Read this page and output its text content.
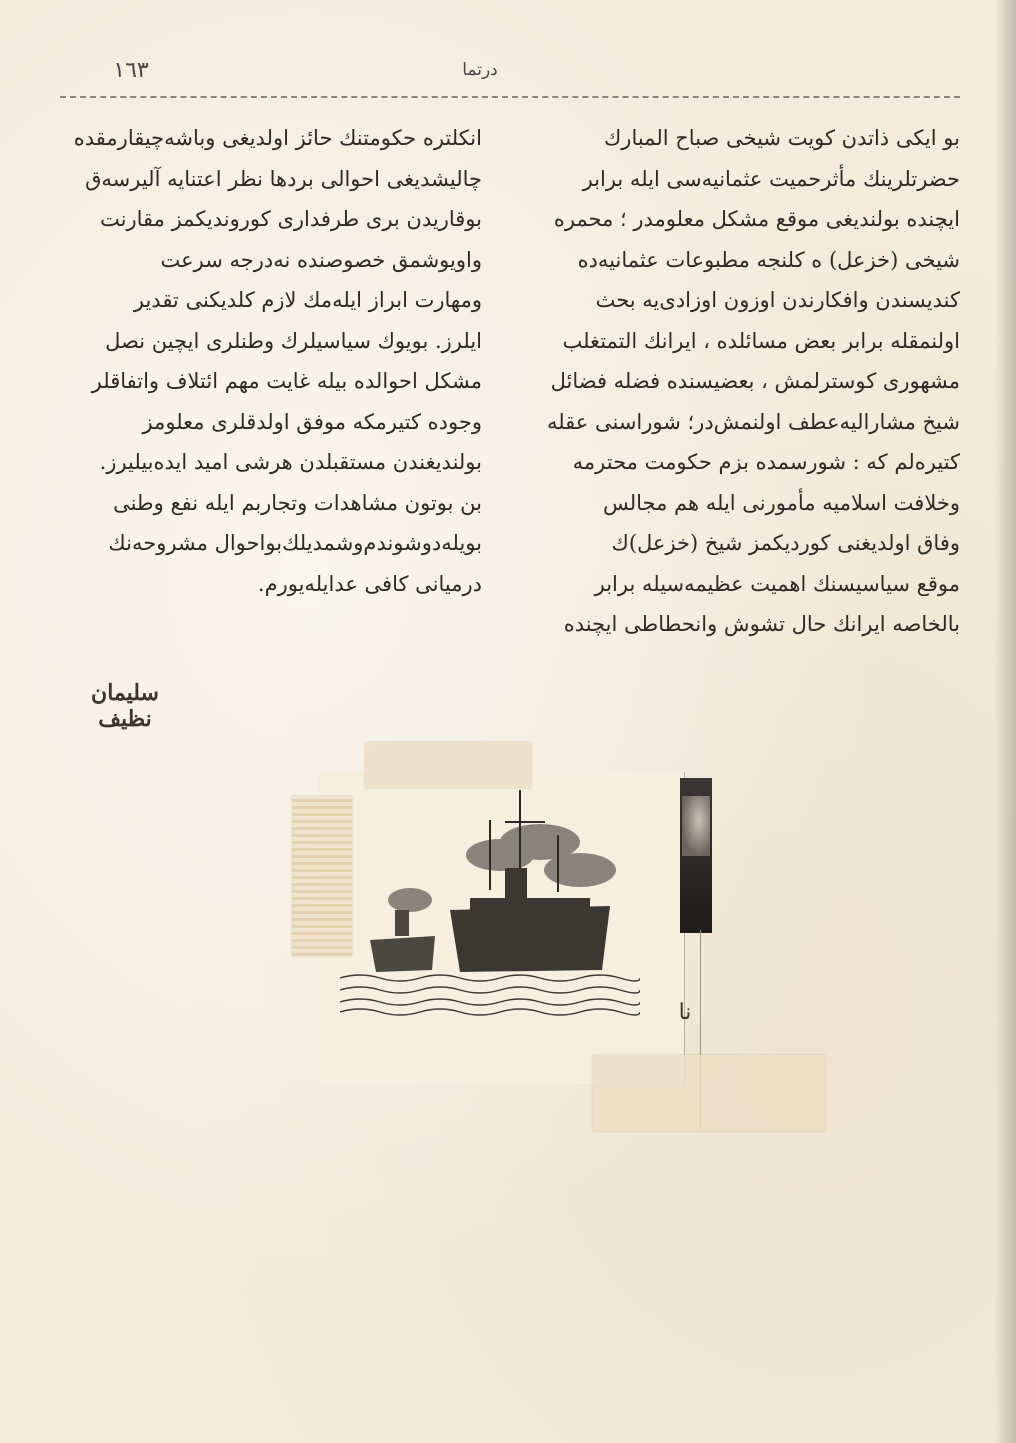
١٦٣	درتما
بو ایکی ذاتدن کویت شیخی صباح المبارك
حضرتلرینك مأثرحمیت عثمانیه‌سی ایله برابر
ایچنده بولندیغی موقع مشکل معلومدر ؛ محمره
شیخی (خزعل) ه کلنجه مطبوعات عثمانیه‌ده
کندیسندن وافکارندن اوزون اوزادی‌یه بحث
اولنمقله برابر بعض مسائلده ، ایرانك التمتغلب
مشهوری کوسترلمش ، بعضیسنده فضله فضائل
شیخ مشارالیه‌عطف اولنمش‌در؛ شوراسنی عقله
کتیره‌لم که : شورسمده بزم حکومت محترمه
وخلافت اسلامیه مأمورنی ایله هم مجالس
وفاق اولدیغنی کوردیکمز شیخ (خزعل)‌ك
موقع سیاسیسنك اهمیت عظیمه‌سیله برابر
بالخاصه ایرانك حال تشوش وانحطاطی ایچنده
انکلتره حکومتنك حائز اولدیغی وباشه‌چیقارمقده
چالیشدیغی احوالی بردها نظر اعتنایه آلیرسه‌ق
بوقاریدن بری طرفداری کوروندیکمز مقارنت
واویوشمق خصوصنده نه‌درجه سرعت
ومهارت ابراز ایله‌مك لازم کلدیکنی تقدیر
ایلرز. بویوك سیاسیلرك وطنلری ایچین نصل
مشکل احوالده بیله غایت مهم ائتلاف واتفاقلر
وجوده کتیرمکه موفق اولدقلری معلومز
بولندیغندن مستقبلدن هرشی امید ایده‌بیلیرز.
بن بوتون مشاهدات وتجاربم ایله نفع وطنی
بویله‌دوشوندم‌وشمدیلك‌بواحوال مشروحه‌نك
درمیانی کافی عدایله‌یورم.
سلیمان نظیف
نا
